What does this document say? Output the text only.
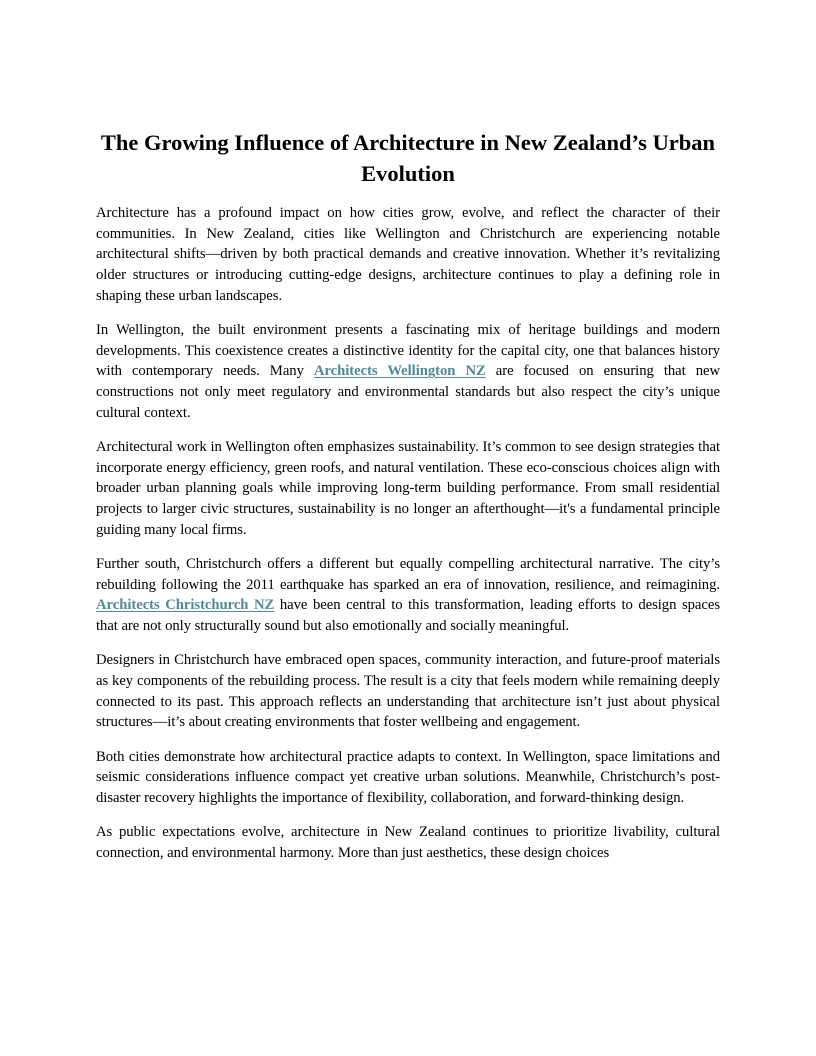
The Growing Influence of Architecture in New Zealand’s Urban Evolution

Architecture has a profound impact on how cities grow, evolve, and reflect the character of their communities. In New Zealand, cities like Wellington and Christchurch are experiencing notable architectural shifts—driven by both practical demands and creative innovation. Whether it’s revitalizing older structures or introducing cutting-edge designs, architecture continues to play a defining role in shaping these urban landscapes.

In Wellington, the built environment presents a fascinating mix of heritage buildings and modern developments. This coexistence creates a distinctive identity for the capital city, one that balances history with contemporary needs. Many Architects Wellington NZ are focused on ensuring that new constructions not only meet regulatory and environmental standards but also respect the city’s unique cultural context.

Architectural work in Wellington often emphasizes sustainability. It’s common to see design strategies that incorporate energy efficiency, green roofs, and natural ventilation. These eco-conscious choices align with broader urban planning goals while improving long-term building performance. From small residential projects to larger civic structures, sustainability is no longer an afterthought—it's a fundamental principle guiding many local firms.

Further south, Christchurch offers a different but equally compelling architectural narrative. The city’s rebuilding following the 2011 earthquake has sparked an era of innovation, resilience, and reimagining. Architects Christchurch NZ have been central to this transformation, leading efforts to design spaces that are not only structurally sound but also emotionally and socially meaningful.

Designers in Christchurch have embraced open spaces, community interaction, and future-proof materials as key components of the rebuilding process. The result is a city that feels modern while remaining deeply connected to its past. This approach reflects an understanding that architecture isn’t just about physical structures—it’s about creating environments that foster wellbeing and engagement.

Both cities demonstrate how architectural practice adapts to context. In Wellington, space limitations and seismic considerations influence compact yet creative urban solutions. Meanwhile, Christchurch’s post-disaster recovery highlights the importance of flexibility, collaboration, and forward-thinking design.

As public expectations evolve, architecture in New Zealand continues to prioritize livability, cultural connection, and environmental harmony. More than just aesthetics, these design choices
